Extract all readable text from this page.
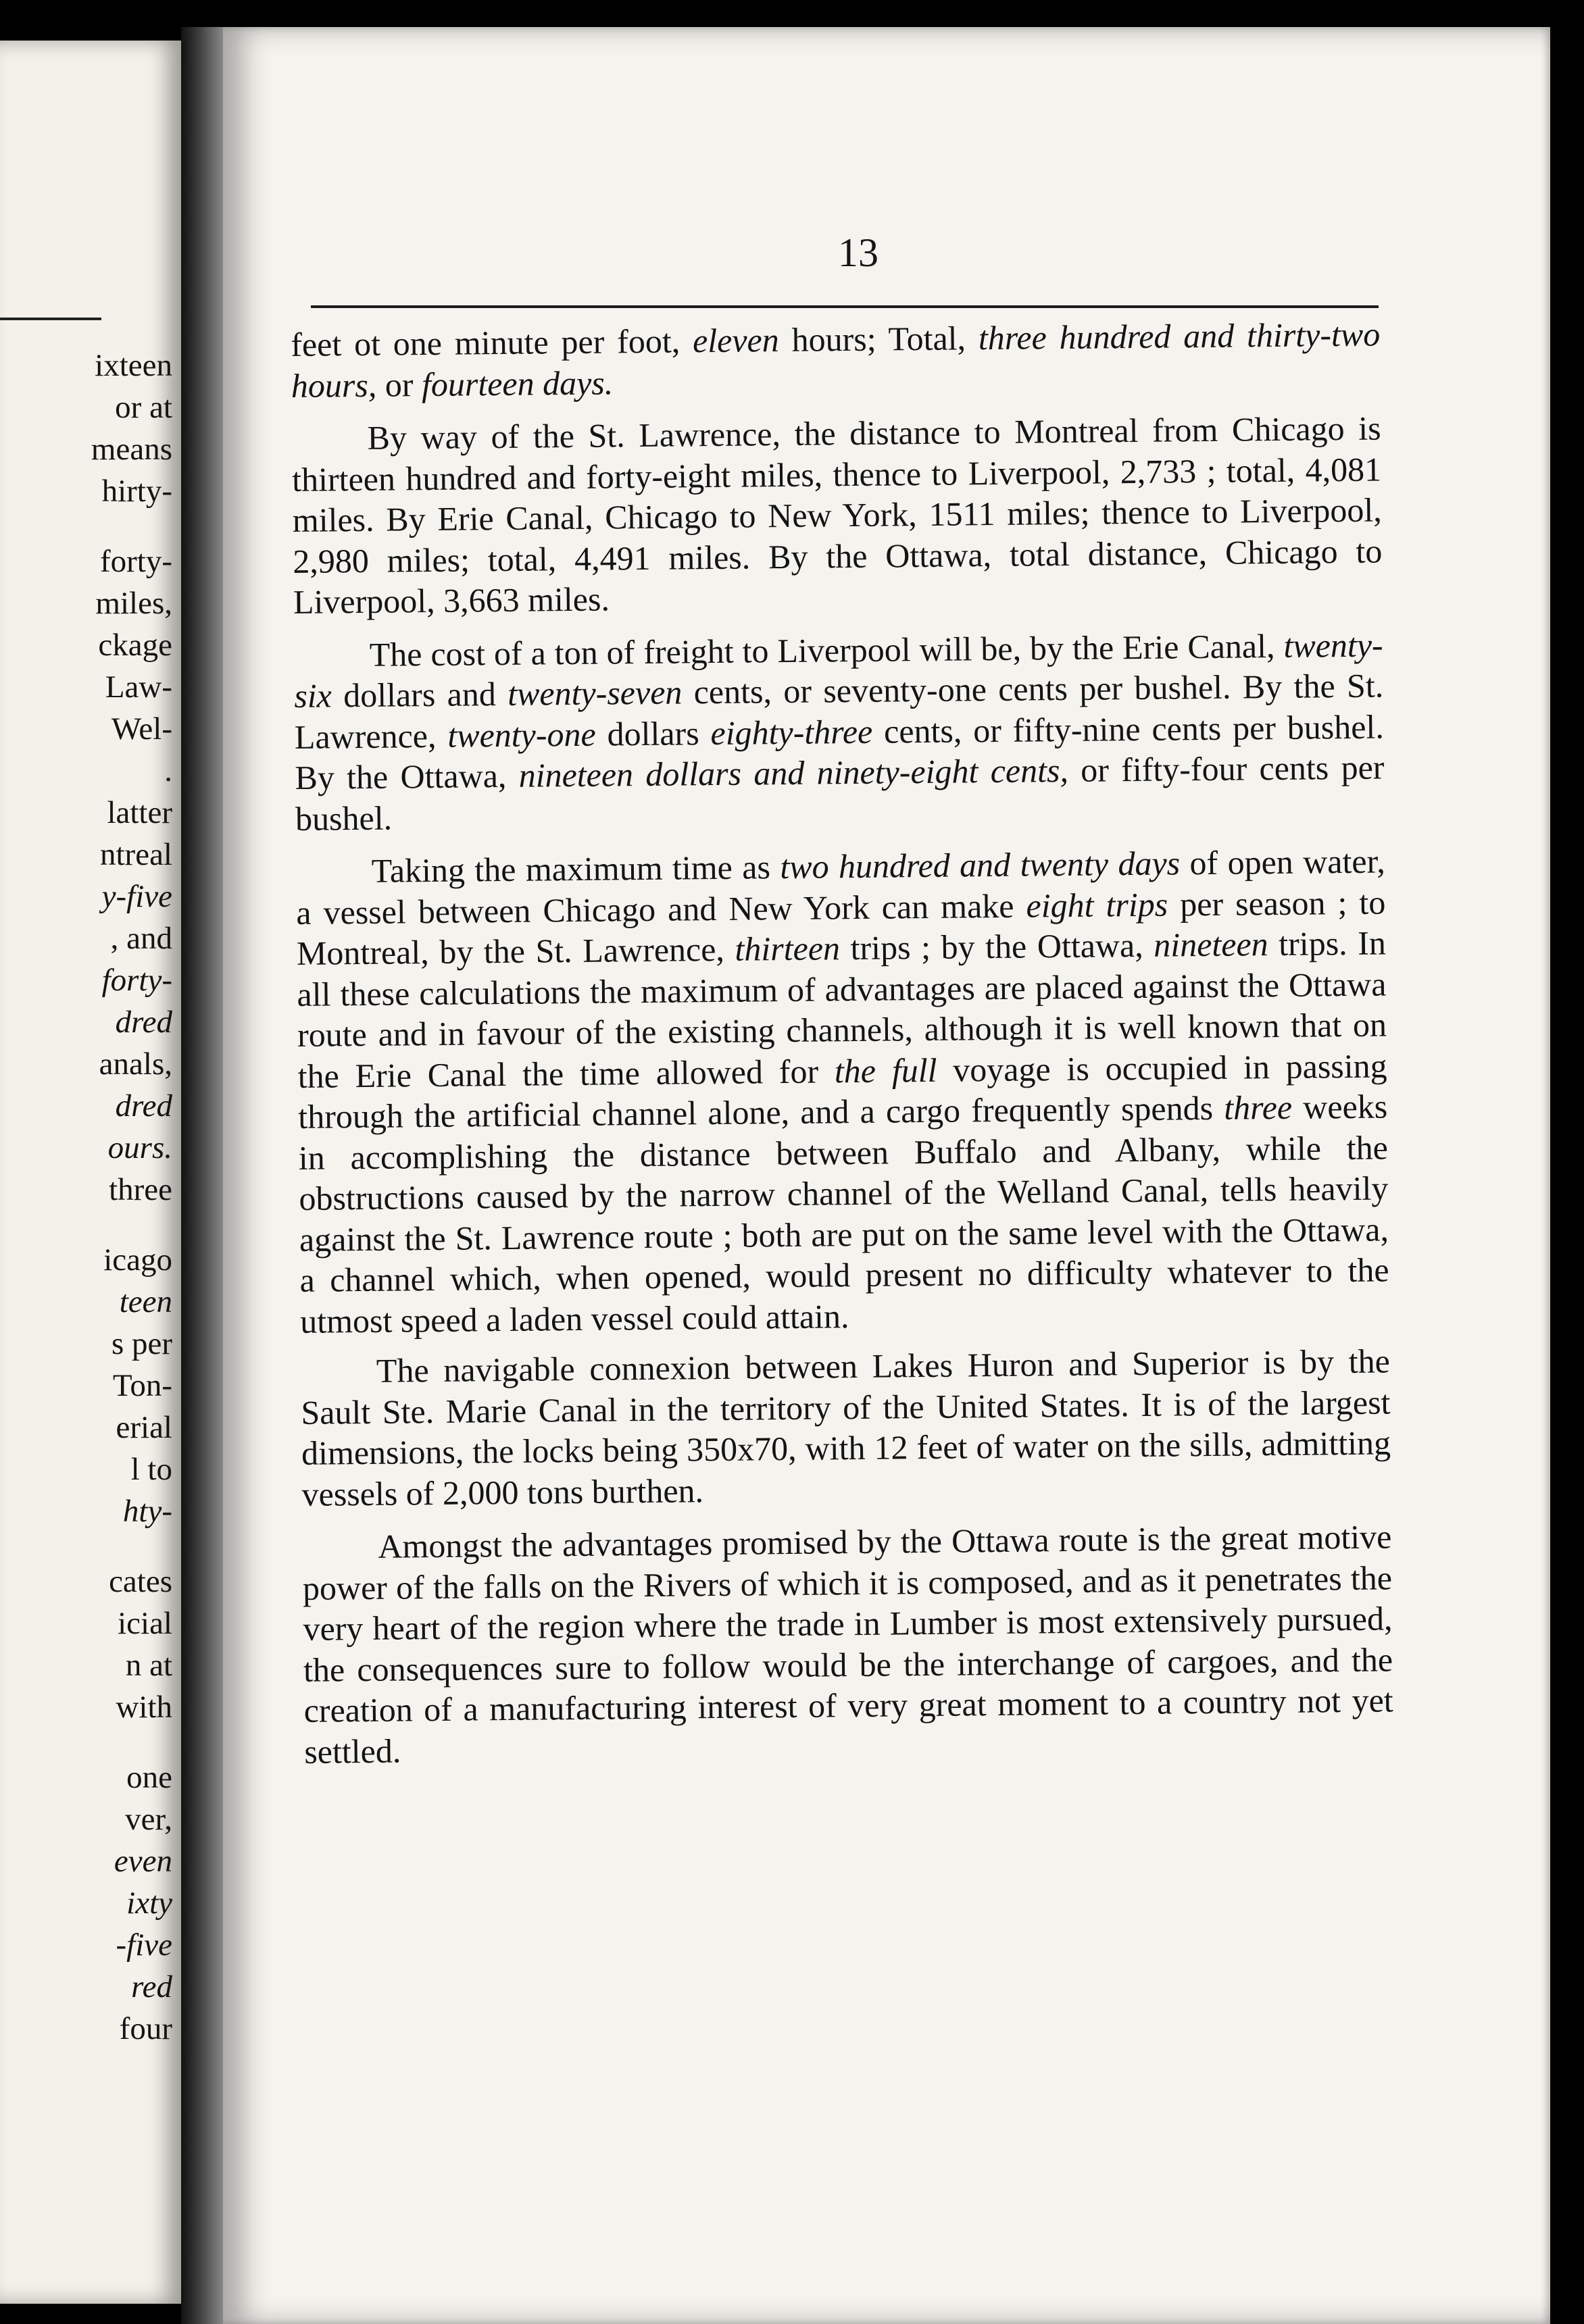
ixteen
or at
means
hirty-
forty-
miles,
ckage
Law-
Wel-
.
latter
ntreal
y-five
, and
forty-
dred
anals,
dred
ours.
three
icago
teen
s per
Ton-
erial
l to
hty-
cates
icial
n at
with
one
ver,
even
ixty
-five
red
four
13

feet ot one minute per foot, eleven hours; Total, three hundred and thirty-two hours, or fourteen days.

By way of the St. Lawrence, the distance to Montreal from Chicago is thirteen hundred and forty-eight miles, thence to Liverpool, 2,733 ; total, 4,081 miles. By Erie Canal, Chicago to New York, 1511 miles; thence to Liverpool, 2,980 miles; total, 4,491 miles. By the Ottawa, total distance, Chicago to Liverpool, 3,663 miles.

The cost of a ton of freight to Liverpool will be, by the Erie Canal, twenty-six dollars and twenty-seven cents, or seventy-one cents per bushel. By the St. Lawrence, twenty-one dollars eighty-three cents, or fifty-nine cents per bushel. By the Ottawa, nineteen dollars and ninety-eight cents, or fifty-four cents per bushel.

Taking the maximum time as two hundred and twenty days of open water, a vessel between Chicago and New York can make eight trips per season ; to Montreal, by the St. Lawrence, thirteen trips ; by the Ottawa, nineteen trips. In all these calculations the maximum of advantages are placed against the Ottawa route and in favour of the existing channels, although it is well known that on the Erie Canal the time allowed for the full voyage is occupied in passing through the artificial channel alone, and a cargo frequently spends three weeks in accomplishing the distance between Buffalo and Albany, while the obstructions caused by the narrow channel of the Welland Canal, tells heavily against the St. Lawrence route ; both are put on the same level with the Ottawa, a channel which, when opened, would present no difficulty whatever to the utmost speed a laden vessel could attain.

The navigable connexion between Lakes Huron and Superior is by the Sault Ste. Marie Canal in the territory of the United States. It is of the largest dimensions, the locks being 350x70, with 12 feet of water on the sills, admitting vessels of 2,000 tons burthen.

Amongst the advantages promised by the Ottawa route is the great motive power of the falls on the Rivers of which it is composed, and as it penetrates the very heart of the region where the trade in Lumber is most extensively pursued, the consequences sure to follow would be the interchange of cargoes, and the creation of a manufacturing interest of very great moment to a country not yet settled.
